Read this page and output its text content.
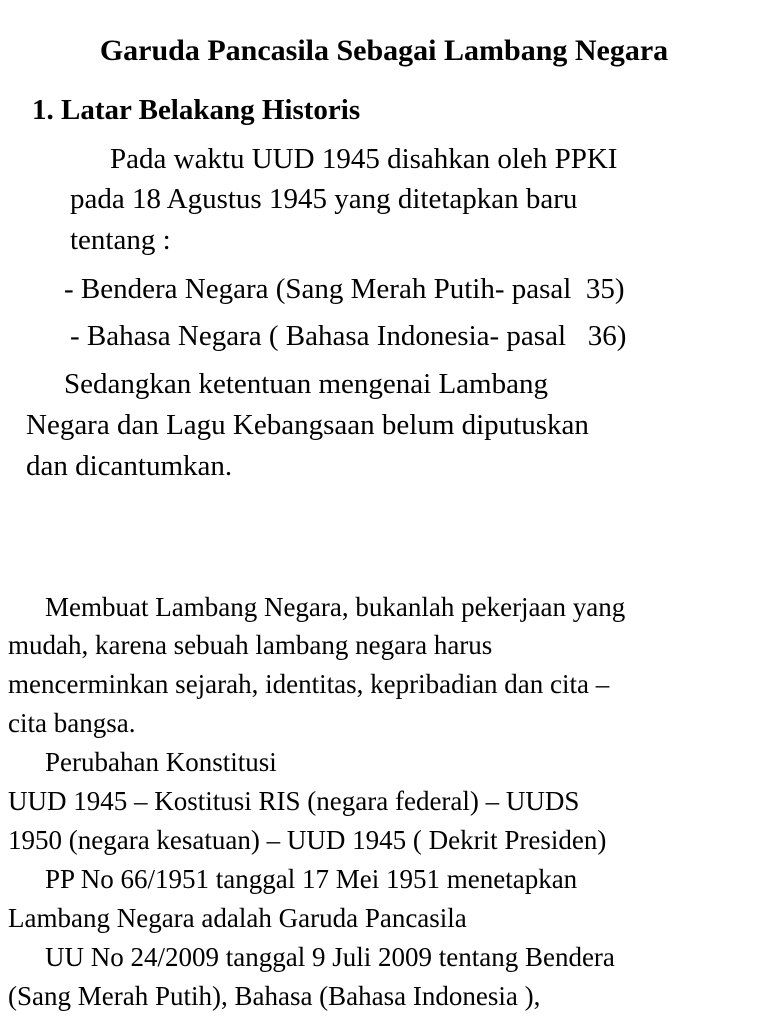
Garuda Pancasila Sebagai Lambang Negara
1. Latar Belakang Historis
Pada waktu UUD 1945 disahkan oleh PPKI
pada 18 Agustus 1945 yang ditetapkan baru
tentang :
- Bendera Negara (Sang Merah Putih- pasal  35)
- Bahasa Negara ( Bahasa Indonesia- pasal   36)
Sedangkan ketentuan mengenai Lambang
Negara dan Lagu Kebangsaan belum diputuskan
dan dicantumkan.
Membuat Lambang Negara, bukanlah pekerjaan yang
mudah, karena sebuah lambang negara harus
mencerminkan sejarah, identitas, kepribadian dan cita –
cita bangsa.
Perubahan Konstitusi
UUD 1945 – Kostitusi RIS (negara federal) – UUDS
1950 (negara kesatuan) – UUD 1945 ( Dekrit Presiden)
PP No 66/1951 tanggal 17 Mei 1951 menetapkan
Lambang Negara adalah Garuda Pancasila
UU No 24/2009 tanggal 9 Juli 2009 tentang Bendera
(Sang Merah Putih), Bahasa (Bahasa Indonesia ),
